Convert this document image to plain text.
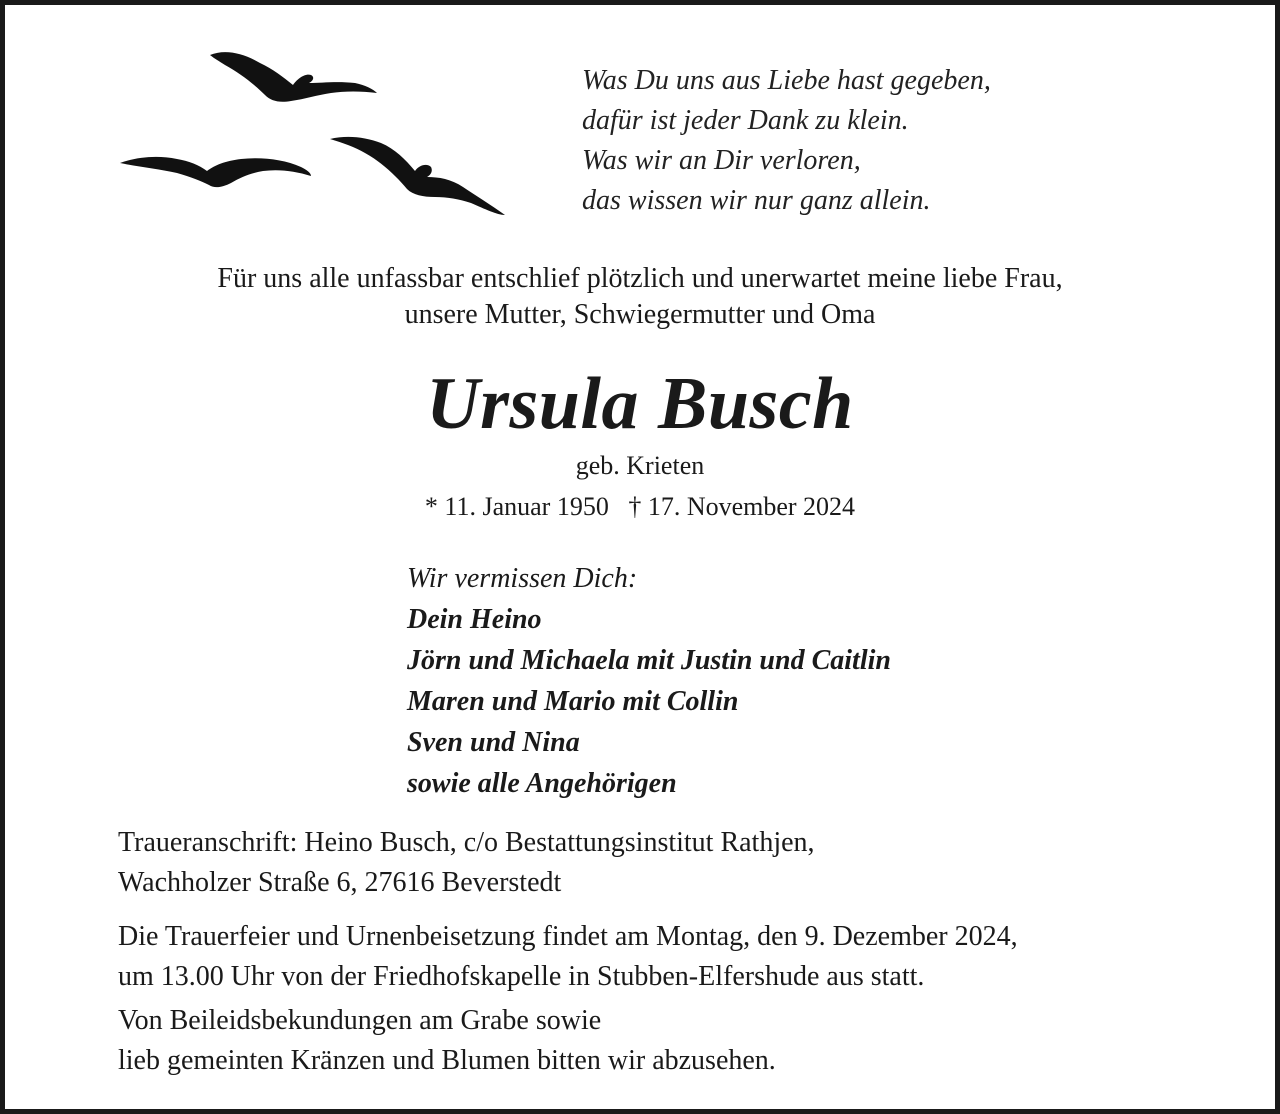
Was Du uns aus Liebe hast gegeben,
dafür ist jeder Dank zu klein.
Was wir an Dir verloren,
das wissen wir nur ganz allein.
Für uns alle unfassbar entschlief plötzlich und unerwartet meine liebe Frau,
unsere Mutter, Schwiegermutter und Oma
Ursula Busch
geb. Krieten
* 11. Januar 1950   † 17. November 2024
Wir vermissen Dich:
Dein Heino
Jörn und Michaela mit Justin und Caitlin
Maren und Mario mit Collin
Sven und Nina
sowie alle Angehörigen
Traueranschrift: Heino Busch, c/o Bestattungsinstitut Rathjen,
Wachholzer Straße 6, 27616 Beverstedt
Die Trauerfeier und Urnenbeisetzung findet am Montag, den 9. Dezember 2024,
um 13.00 Uhr von der Friedhofskapelle in Stubben-Elfershude aus statt.
Von Beileidsbekundungen am Grabe sowie
lieb gemeinten Kränzen und Blumen bitten wir abzusehen.
